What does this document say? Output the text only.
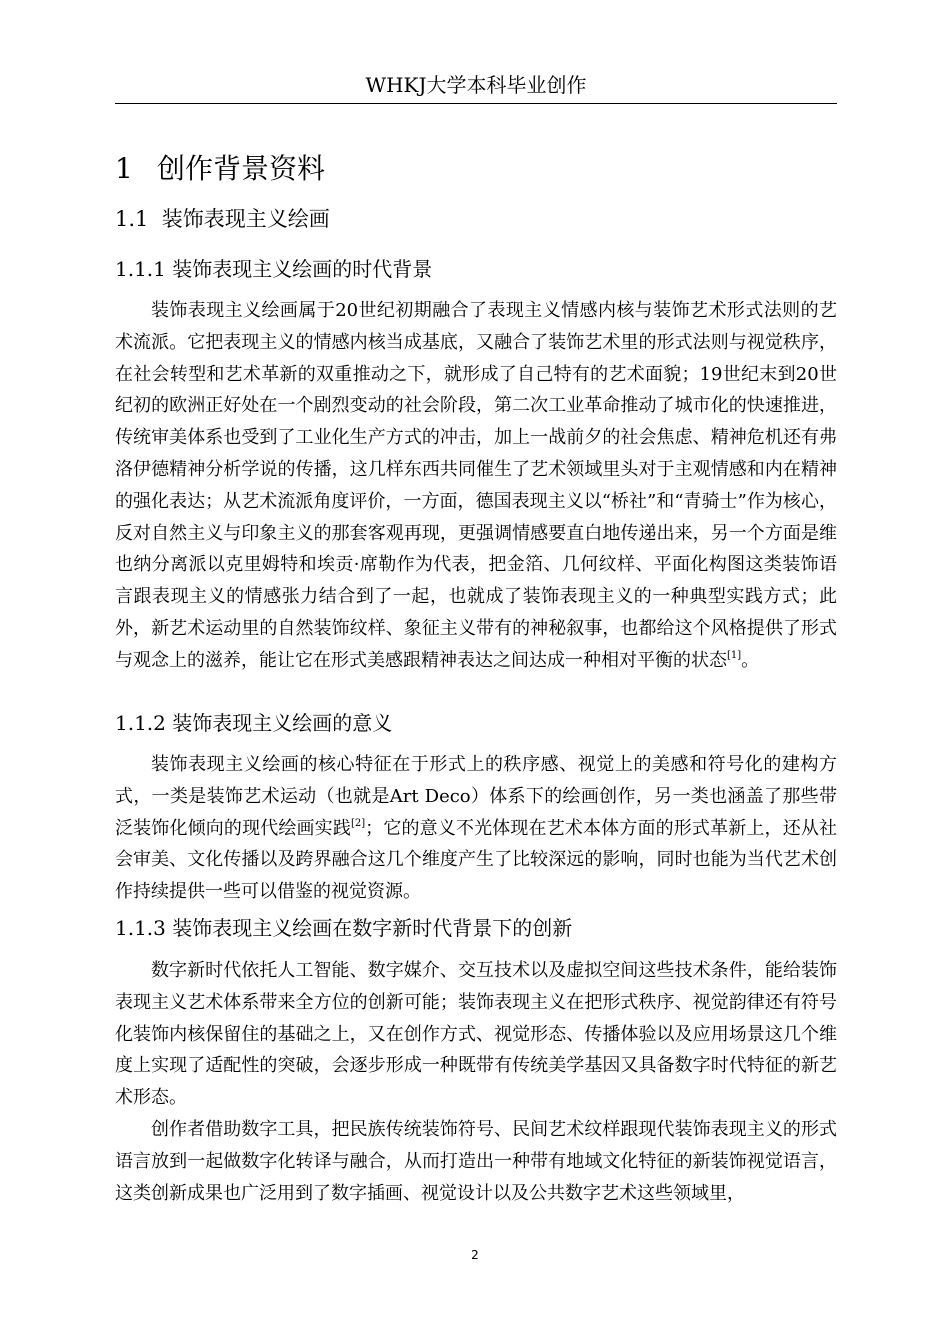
WHKJ大学本科毕业创作
1 创作背景资料
1.1 装饰表现主义绘画
1.1.1 装饰表现主义绘画的时代背景

装饰表现主义绘画属于20世纪初期融合了表现主义情感内核与装饰艺术形式法则的艺术流派。它把表现主义的情感内核当成基底，又融合了装饰艺术里的形式法则与视觉秩序，在社会转型和艺术革新的双重推动之下，就形成了自己特有的艺术面貌；19世纪末到20世纪初的欧洲正好处在一个剧烈变动的社会阶段，第二次工业革命推动了城市化的快速推进，传统审美体系也受到了工业化生产方式的冲击，加上一战前夕的社会焦虑、精神危机还有弗洛伊德精神分析学说的传播，这几样东西共同催生了艺术领域里头对于主观情感和内在精神的强化表达；从艺术流派角度评价，一方面，德国表现主义以“桥社”和“青骑士”作为核心，反对自然主义与印象主义的那套客观再现，更强调情感要直白地传递出来，另一个方面是维也纳分离派以克里姆特和埃贡·席勒作为代表，把金箔、几何纹样、平面化构图这类装饰语言跟表现主义的情感张力结合到了一起，也就成了装饰表现主义的一种典型实践方式；此外，新艺术运动里的自然装饰纹样、象征主义带有的神秘叙事，也都给这个风格提供了形式与观念上的滋养，能让它在形式美感跟精神表达之间达成一种相对平衡的状态[1]。

1.1.2 装饰表现主义绘画的意义

装饰表现主义绘画的核心特征在于形式上的秩序感、视觉上的美感和符号化的建构方式，一类是装饰艺术运动（也就是Art Deco）体系下的绘画创作，另一类也涵盖了那些带泛装饰化倾向的现代绘画实践[2]；它的意义不光体现在艺术本体方面的形式革新上，还从社会审美、文化传播以及跨界融合这几个维度产生了比较深远的影响，同时也能为当代艺术创作持续提供一些可以借鉴的视觉资源。

1.1.3 装饰表现主义绘画在数字新时代背景下的创新

数字新时代依托人工智能、数字媒介、交互技术以及虚拟空间这些技术条件，能给装饰表现主义艺术体系带来全方位的创新可能；装饰表现主义在把形式秩序、视觉韵律还有符号化装饰内核保留住的基础之上，又在创作方式、视觉形态、传播体验以及应用场景这几个维度上实现了适配性的突破，会逐步形成一种既带有传统美学基因又具备数字时代特征的新艺术形态。

创作者借助数字工具，把民族传统装饰符号、民间艺术纹样跟现代装饰表现主义的形式语言放到一起做数字化转译与融合，从而打造出一种带有地域文化特征的新装饰视觉语言，这类创新成果也广泛用到了数字插画、视觉设计以及公共数字艺术这些领域里，

2
